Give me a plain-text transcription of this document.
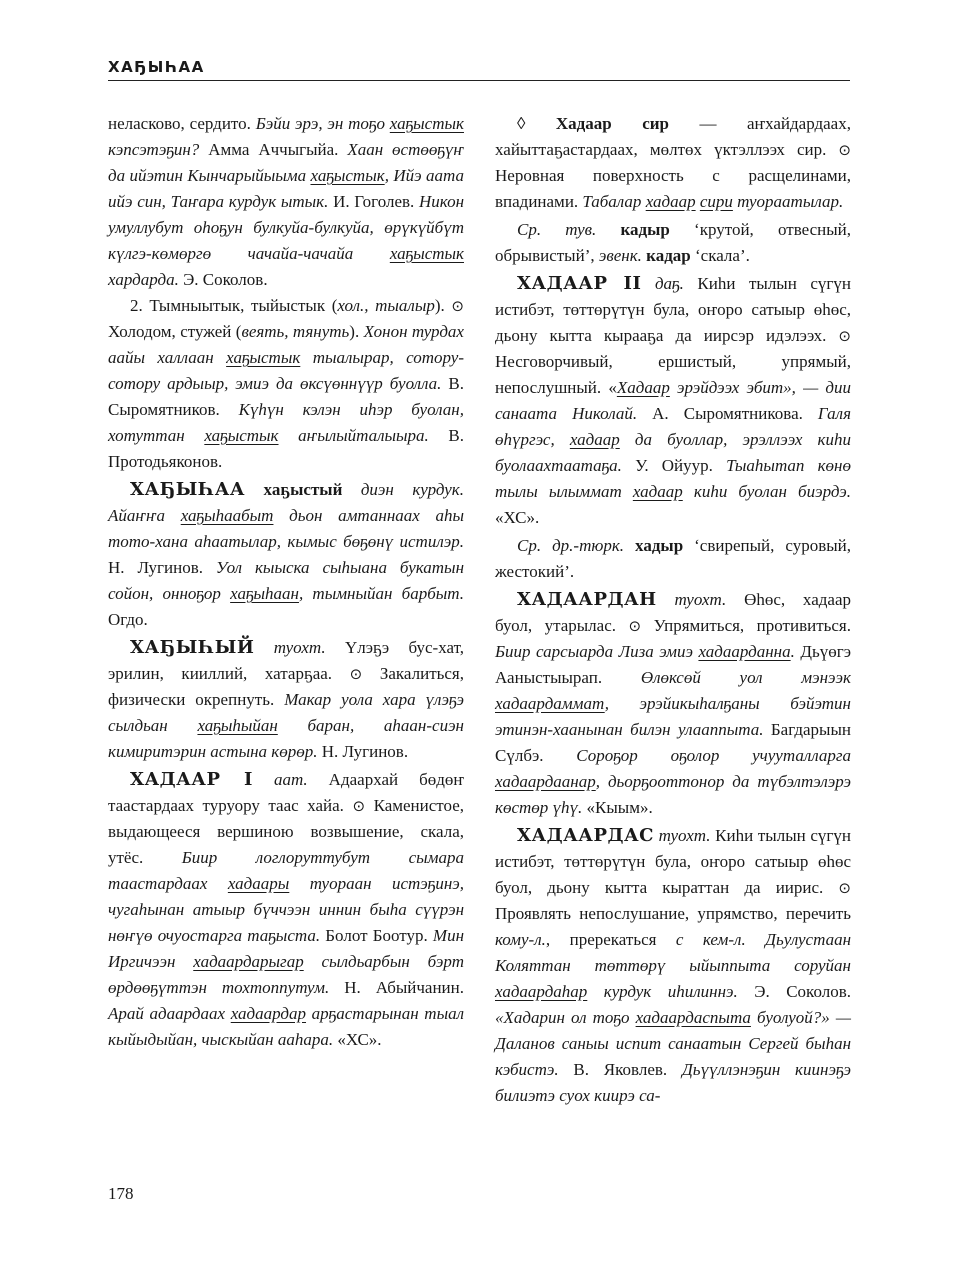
ХАҔЫҺАА

неласково, сердито. Бэйи эрэ, эн тоҕо хаҕыстык кэпсэтэҕин? Амма Аччыгыйа. Хаан өстөөҕүҥ да ийэтин Кынчарыйыыма хаҕыстык, Ийэ аата ийэ син, Таҥара курдук ытык. И. Гоголев. Никон умуллубут оһоҕун булкуйа-булкуйа, өрүкүйбүт күлгэ-көмөргө чачайа-чачайа хаҕыстык хардарда. Э. Соколов.

2. Тымныытык, тыйыстык (хол., тыалыр). ⊙ Холодом, стужей (веять, тянуть). Хонон турдах аайы халлаан хаҕыстык тыалырар, сотору-сотору ардыыр, эмиэ да өксүөннүүр буолла. В. Сыромятников. Күһүн кэлэн иһэр буолан, хотуттан хаҕыстык аҥылыйталыыра. В. Протодьяконов.

ХАҔЫҺАА хаҕыстый диэн курдук. Айаҥҥа хаҕыһаабыт дьон амтаннаах аһы тото-хана аһаатылар, кымыс бөҕөнү истилэр. Н. Лугинов. Уол кыыска сыһыана букатын сойон, онноҕор хаҕыһаан, тымныйан барбыт. Огдо.

ХАҔЫҺЫЙ туохт. Үлэҕэ бус-хат, эрилин, кииллий, хатарҕаа. ⊙ Закалиться, физически окрепнуть. Макар уола хара үлэҕэ сылдьан хаҕыһыйан баран, аһаан-сиэн кимиритэрин астына көрөр. Н. Лугинов.

ХАДААР I аат. Адаархай бөдөҥ таастардаах туруору таас хайа. ⊙ Каменистое, выдающееся вершиною возвышение, скала, утёс. Биир логлоруттубут сымара таастардаах хадаары туораан истэҕинэ, чугаһынан атыыр бүччээн иннин быһа сүүрэн нөҥүө очуостарга таҕыста. Болот Боотур. Мин Иргичээн хадаардарыгар сылдьарбын бэрт өрдөөҕүттэн тохтоппутум. Н. Абыйчанин. Арай адаардаах хадаардар арҕастарынан тыал кыйыдыйан, чыскыйан ааһара. «ХС».

◊ Хадаар сир — аҥхайдардаах, хайыттаҕастардаах, мөлтөх үктэллээх сир. ⊙ Неровная поверхность с расщелинами, впадинами. Табалар хадаар сири туораатылар.

Ср. тув. кадыр ‘крутой, отвесный, обрывистый’, эвенк. кадар ‘скала’.

ХАДААР II даҕ. Киһи тылын сүгүн истибэт, төттөрүтүн була, оҥоро сатыыр өһөс, дьону кытта кырааҕа да иирсэр идэлээх. ⊙ Несговорчивый, ершистый, упрямый, непослушный. «Хадаар эрэйдээх эбит», — дии санаата Николай. А. Сыромятникова. Галя өһүргэс, хадаар да буоллар, эрэллээх киһи буолаахтаатаҕа. У. Ойуур. Тыаһытап көнө тылы ылыммат хадаар киһи буолан биэрдэ. «ХС».

Ср. др.-тюрк. хадыр ‘свирепый, суровый, жестокий’.

ХАДААРДАН туохт. Өһөс, хадаар буол, утарылас. ⊙ Упрямиться, противиться. Биир сарсыарда Лиза эмиэ хадаарданна. Дьүөгэ Ааныстыырап. Өлөксөй уол мэнээк хадаардаммат, эрэйикыһалҕаны бэйэтин этинэн-хаанынан билэн улааппыта. Багдарыын Сүлбэ. Сороҕор оҕолор учууталларга хадаардаанар, дьорҕооттонор да түбэлтэлэрэ көстөр үһү. «Кыым».

ХАДААРДАС туохт. Киһи тылын сүгүн истибэт, төттөрүтүн була, оҥоро сатыыр өһөс буол, дьону кытта кыраттан да иирис. ⊙ Проявлять непослушание, упрямство, перечить кому-л., пререкаться с кем-л. Дьулустаан Коляттан төттөрү ыйыппыта соруйан хадаардаһар курдук иһилиннэ. Э. Соколов. «Хадарин ол тоҕо хадаардаспыта буолуой?» — Даланов саныы испит санаатын Сергей быһан кэбистэ. В. Яковлев. Дьүүллэнэҕин киинэҕэ билиэтэ суох киирэ са-

178
